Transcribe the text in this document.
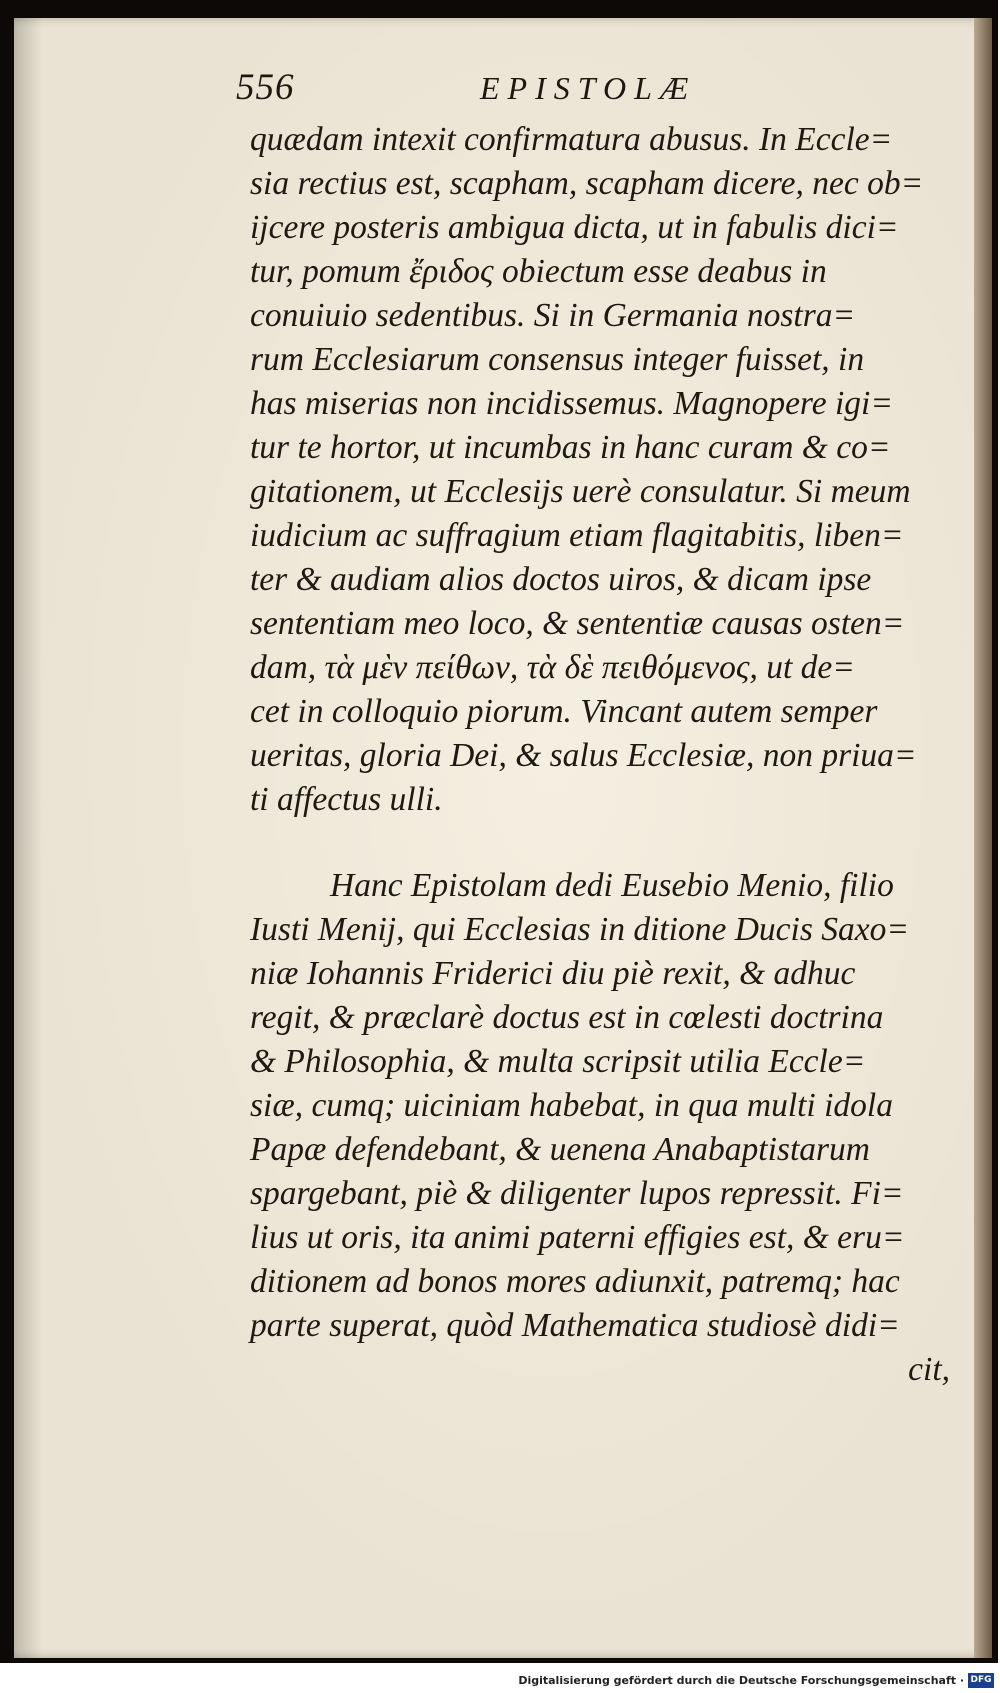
556	EPISTOLÆ
quædam intexit confirmatura abusus. In Eccle=
sia rectius est, scapham, scapham dicere, nec ob=
ijcere posteris ambigua dicta, ut in fabulis dici=
tur, pomum ἔριδος obiectum esse deabus in
conuiuio sedentibus. Si in Germania nostra=
rum Ecclesiarum consensus integer fuisset, in
has miserias non incidissemus. Magnopere igi=
tur te hortor, ut incumbas in hanc curam & co=
gitationem, ut Ecclesijs uerè consulatur. Si meum
iudicium ac suffragium etiam flagitabitis, liben=
ter & audiam alios doctos uiros, & dicam ipse
sententiam meo loco, & sententiæ causas osten=
dam, τὰ μὲν πείθων, τὰ δὲ πειθόμενος, ut de=
cet in colloquio piorum. Vincant autem semper
ueritas, gloria Dei, & salus Ecclesiæ, non priua=
ti affectus ulli.
Hanc Epistolam dedi Eusebio Menio, filio
Iusti Menij, qui Ecclesias in ditione Ducis Saxo=
niæ Iohannis Friderici diu piè rexit, & adhuc
regit, & præclarè doctus est in cœlesti doctrina
& Philosophia, & multa scripsit utilia Eccle=
siæ, cumq; uiciniam habebat, in qua multi idola
Papæ defendebant, & uenena Anabaptistarum
spargebant, piè & diligenter lupos repressit. Fi=
lius ut oris, ita animi paterni effigies est, & eru=
ditionem ad bonos mores adiunxit, patremq; hac
parte superat, quòd Mathematica studiosè didi=
cit,
Digitalisierung gefördert durch die Deutsche Forschungsgemeinschaft · DFG
